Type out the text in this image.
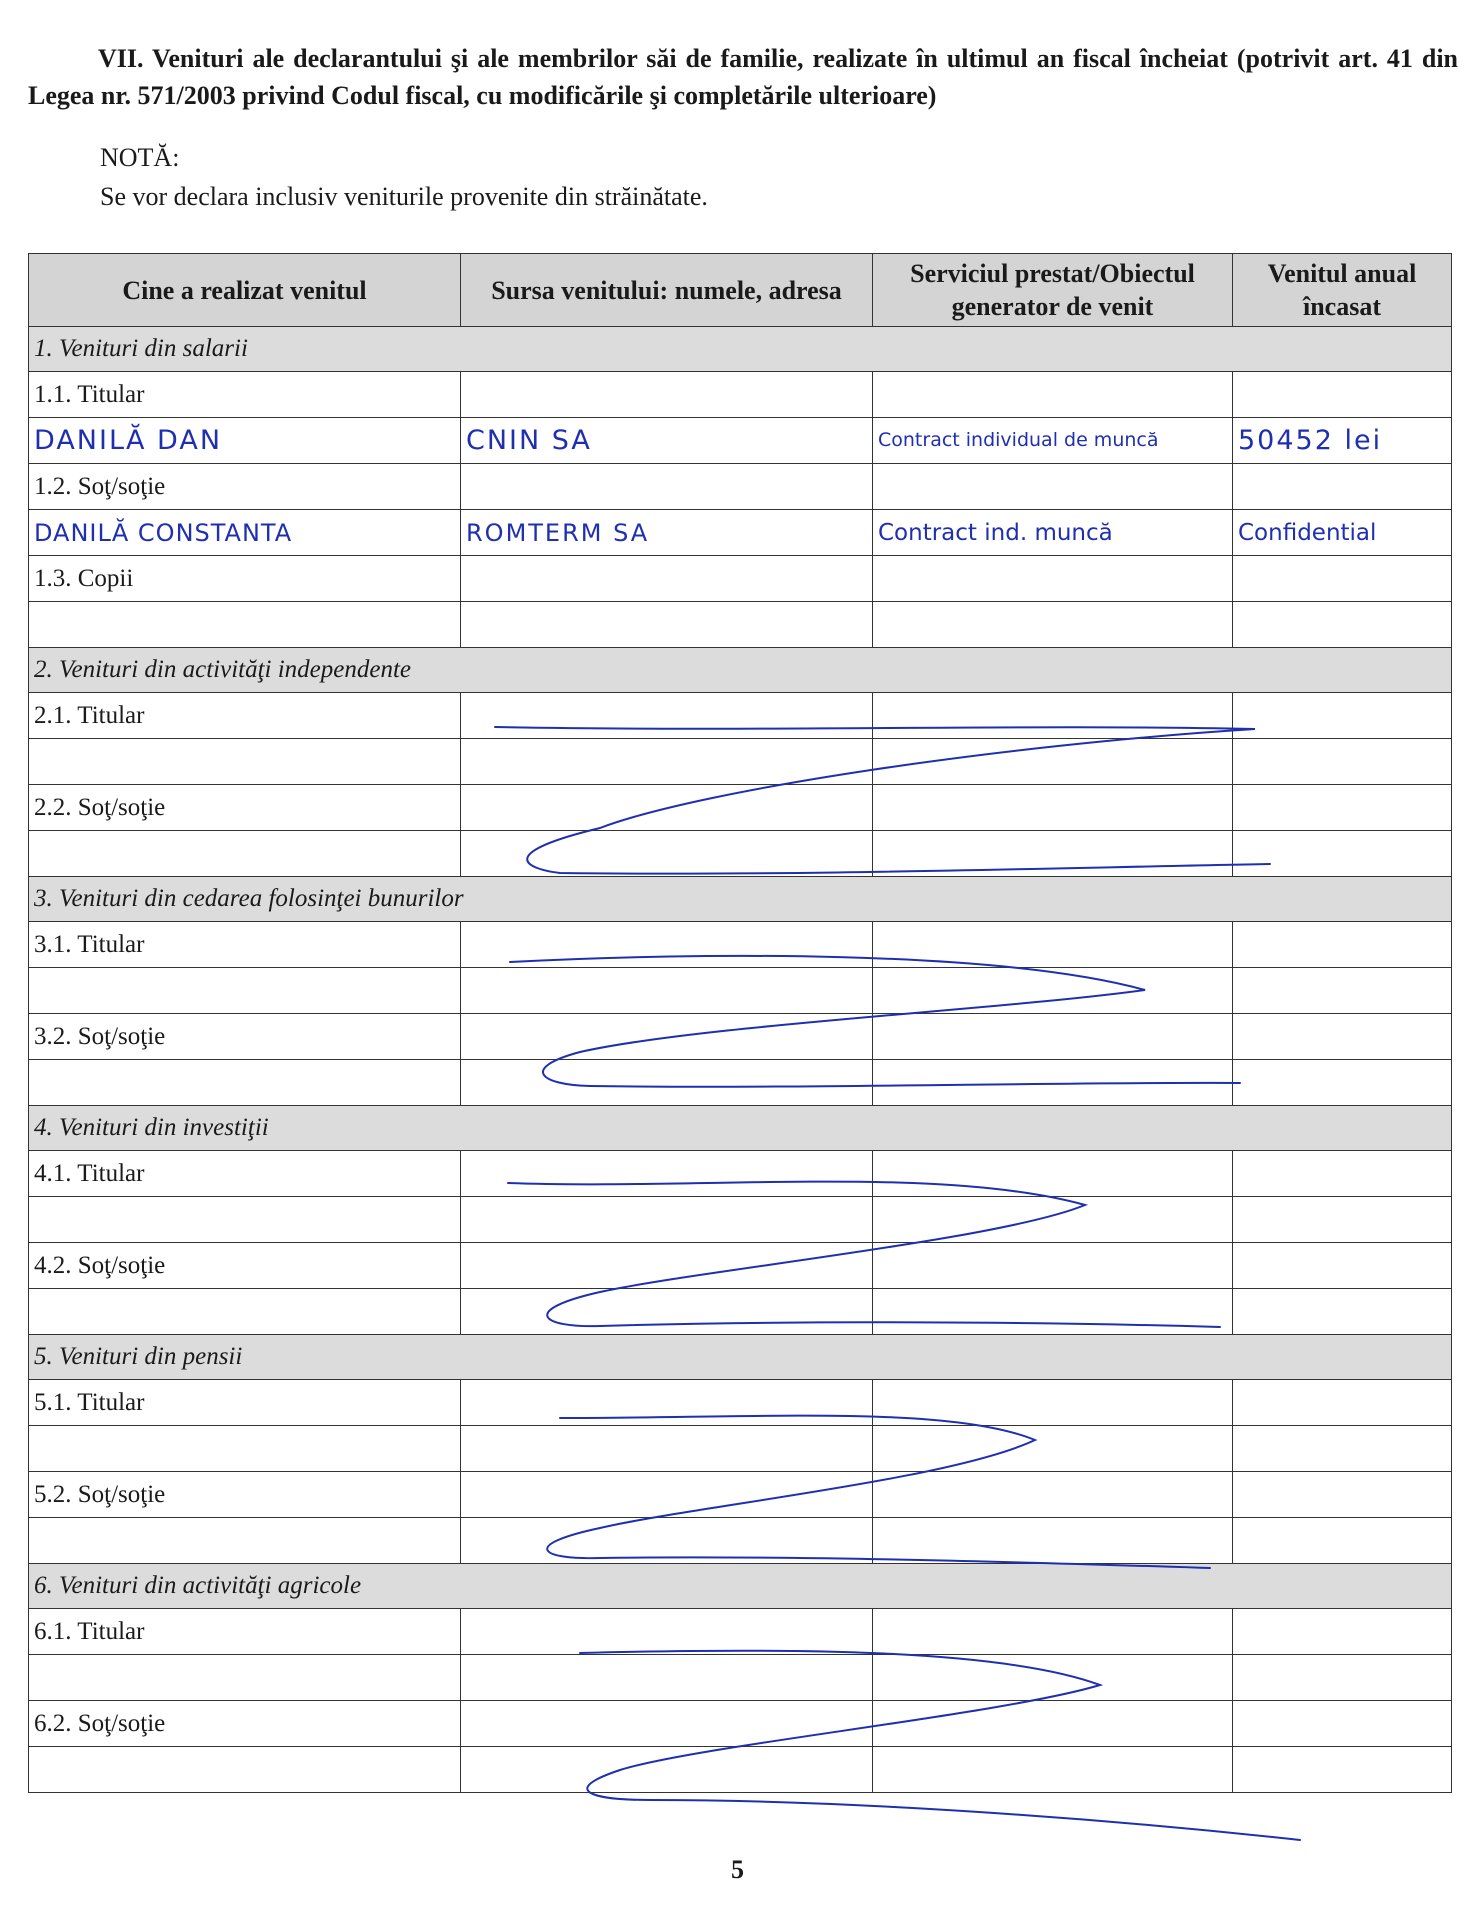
VII. Venituri ale declarantului şi ale membrilor săi de familie, realizate în ultimul an fiscal încheiat (potrivit art. 41 din Legea nr. 571/2003 privind Codul fiscal, cu modificările şi completările ulterioare)

NOTĂ:

Se vor declara inclusiv veniturile provenite din străinătate.

Cine a realizat venitul	Sursa venitului: numele, adresa	Serviciul prestat/Obiectul generator de venit	Venitul anual încasat
1. Venituri din salarii			
1.1. Titular			
DANILĂ DAN	CNIN SA	Contract individual de muncă	50452 lei
1.2. Soţ/soţie			
DANILĂ CONSTANTA	ROMTERM SA	Contract ind. muncă	Confidential
1.3. Copii			

2. Venituri din activităţi independente			
2.1. Titular			

2.2. Soţ/soţie			

3. Venituri din cedarea folosinţei bunurilor			
3.1. Titular			

3.2. Soţ/soţie			

4. Venituri din investiţii			
4.1. Titular			

4.2. Soţ/soţie			

5. Venituri din pensii			
5.1. Titular			

5.2. Soţ/soţie			

6. Venituri din activităţi agricole			
6.1. Titular			

6.2. Soţ/soţie			

5
